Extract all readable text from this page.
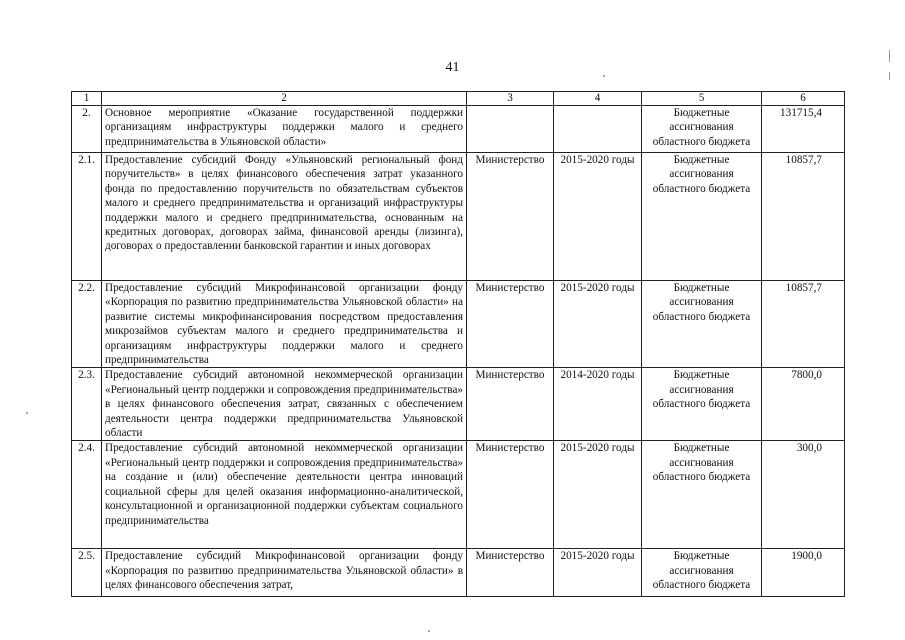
41
1	2	3	4	5	6
2.	Основное мероприятие «Оказание государственной поддержки организациям инфраструктуры поддержки малого и среднего предпринимательства в Ульяновской области»			Бюджетные ассигнования областного бюджета	131715,4
2.1.	Предоставление субсидий Фонду «Ульяновский региональный фонд поручительств» в целях финансового обеспечения затрат указанного фонда по предоставлению поручительств по обязательствам субъектов малого и среднего предпринимательства и организаций инфраструктуры поддержки малого и среднего предпринимательства, основанным на кредитных договорах, договорах займа, финансовой аренды (лизинга), договорах о предоставлении банковской гарантии и иных договорах	Министерство	2015-2020 годы	Бюджетные ассигнования областного бюджета	10857,7
2.2.	Предоставление субсидий Микрофинансовой организации фонду «Корпорация по развитию предпринимательства Ульяновской области» на развитие системы микрофинансирования посредством предоставления микрозаймов субъектам малого и среднего предпринимательства и организациям инфраструктуры поддержки малого и среднего предпринимательства	Министерство	2015-2020 годы	Бюджетные ассигнования областного бюджета	10857,7
2.3.	Предоставление субсидий автономной некоммерческой организации «Региональный центр поддержки и сопровождения предпринимательства» в целях финансового обеспечения затрат, связанных с обеспечением деятельности центра поддержки предпринимательства Ульяновской области	Министерство	2014-2020 годы	Бюджетные ассигнования областного бюджета	7800,0
2.4.	Предоставление субсидий автономной некоммерческой организации «Региональный центр поддержки и сопровождения предпринимательства» на создание и (или) обеспечение деятельности центра инноваций социальной сферы для целей оказания информационно-аналитической, консультационной и организационной поддержки субъектам социального предпринимательства	Министерство	2015-2020 годы	Бюджетные ассигнования областного бюджета	300,0
2.5.	Предоставление субсидий Микрофинансовой организации фонду «Корпорация по развитию предпринимательства Ульяновской области» в целях финансового обеспечения затрат,	Министерство	2015-2020 годы	Бюджетные ассигнования областного бюджета	1900,0
